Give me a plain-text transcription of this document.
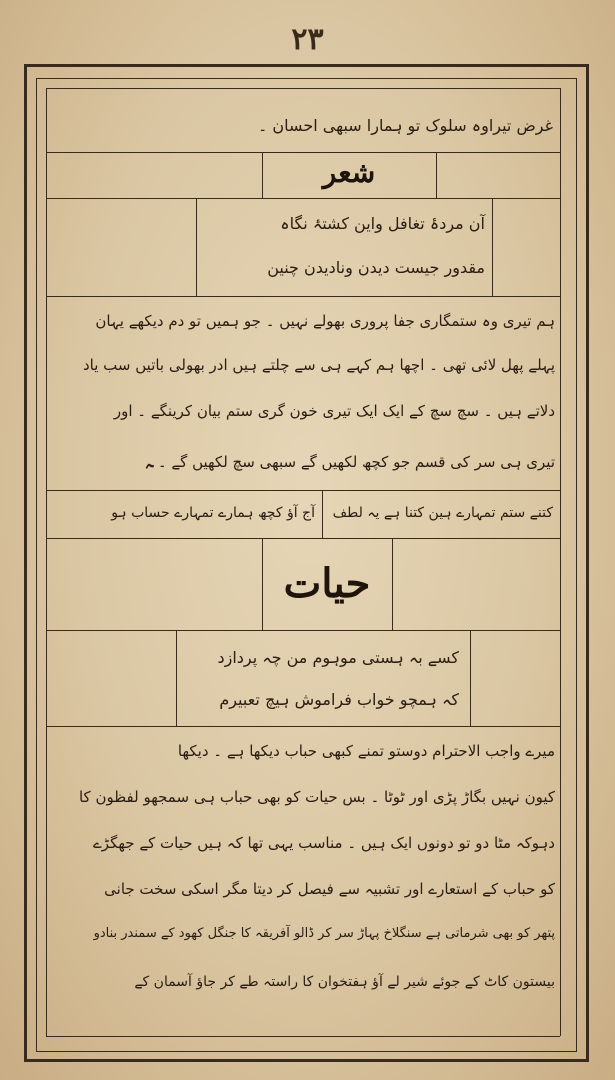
۲۳
غرض تیراوہ سلوک تو ہمارا سبھی احسان ۔
شعر
آن مردۂ تغافل واین کشتۂ نگاہ
مقدور جیست دیدن ونادیدن چنین
ہم تیری وہ ستمگاری جفا پروری بھولے نہیں ۔ جو ہمیں تو دم دیکھے یہان
پہلے پھل لائی تھی ۔ اچھا ہم کہے ہی سے چلتے ہیں ادر بھولی باتیں سب یاد
دلاتے ہیں ۔ سچ سچ کے ایک ایک تیری خون گری ستم بیان کرینگے ۔ اور
تیری ہی سر کی قسم جو کچھ لکھیں گے سبھی سچ لکھیں گے ۔ ﮧ
کتنے ستم تمہارے ہین کتنا ہے یہ لطف
آج آؤ کچھ ہمارے تمہارے حساب ہو
حیات
کسے بہ ہستی موہوم من چہ پردازد
کہ ہمچو خواب فراموش ہیچ تعبیرم
میرے واجب الاحترام دوستو تمنے کبھی حباب دیکھا ہے ۔ دیکھا
کیون نہیں بگاڑ پڑی اور ٹوٹا ۔ بس حیات کو بھی حباب ہی سمجھو لفظون کا
دہوکہ مٹا دو تو دونوں ایک ہیں ۔ مناسب یہی تھا کہ ہیں حیات کے جھگڑے
کو حباب کے استعارے اور تشبیہ سے فیصل کر دیتا مگر اسکی سخت جانی
پتھر کو بھی شرماتی ہے سنگلاخ پہاڑ سر کر ڈالو آفریقہ کا جنگل کھود کے سمندر بنادو
بیستون کاٹ کے جوئے شیر لے آؤ ہفتخوان کا راستہ طے کر جاؤ آسمان کے
